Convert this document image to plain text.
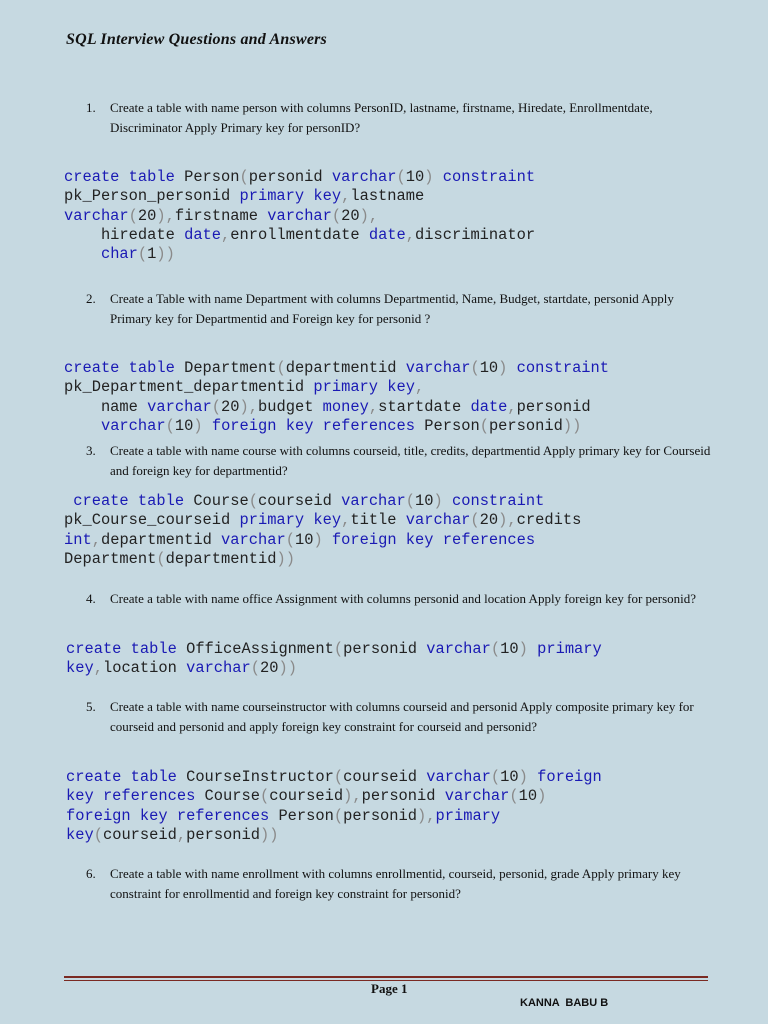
SQL Interview Questions and Answers
1. Create a table with name person with columns PersonID, lastname, firstname, Hiredate, Enrollmentdate, Discriminator Apply Primary key for personID?
create table Person(personid varchar(10) constraint
pk_Person_personid primary key,lastname
varchar(20),firstname varchar(20),
hiredate date,enrollmentdate date,discriminator
char(1))
2. Create a Table with name Department with columns Departmentid, Name, Budget, startdate, personid Apply Primary key for Departmentid and Foreign key for personid ?
create table Department(departmentid varchar(10) constraint
pk_Department_departmentid primary key,
name varchar(20),budget money,startdate date,personid
varchar(10) foreign key references Person(personid))
3. Create a table with name course with columns courseid, title, credits, departmentid Apply primary key for Courseid and foreign key for departmentid?
create table Course(courseid varchar(10) constraint
pk_Course_courseid primary key,title varchar(20),credits
int,departmentid varchar(10) foreign key references
Department(departmentid))
4. Create a table with name office Assignment with columns personid and location Apply foreign key for personid?
create table OfficeAssignment(personid varchar(10) primary
key,location varchar(20))
5. Create a table with name courseinstructor with columns courseid and personid Apply composite primary key for courseid and personid and apply foreign key constraint for courseid and personid?
create table CourseInstructor(courseid varchar(10) foreign
key references Course(courseid),personid varchar(10)
foreign key references Person(personid),primary
key(courseid,personid))
6. Create a table with name enrollment with columns enrollmentid, courseid, personid, grade Apply primary key constraint for enrollmentid and foreign key constraint for personid?
Page 1
KANNA  BABU B
